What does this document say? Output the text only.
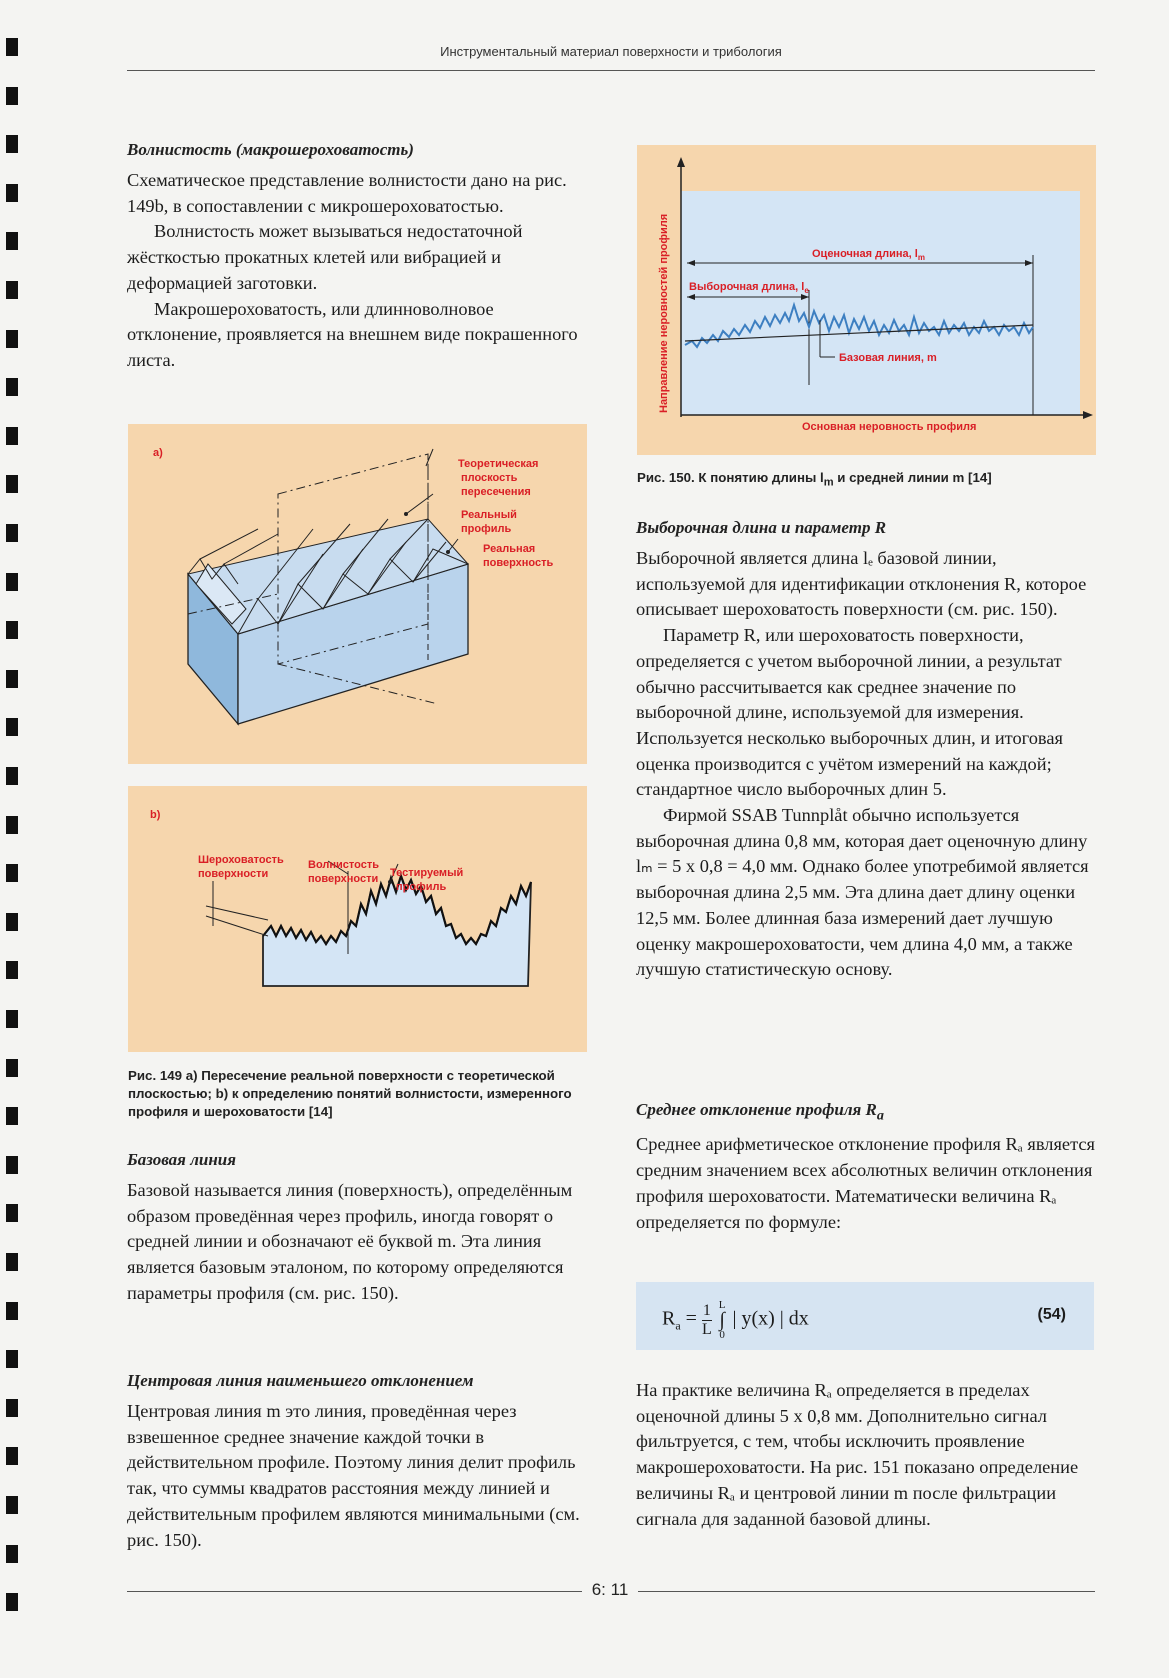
Инструментальный материал поверхности и трибология
Волнистость (макрошероховатость)

Схематическое представление волнистости дано на рис. 149b, в сопоставлении с микрошероховатостью.

Волнистость может вызываться недостаточной жёсткостью прокатных клетей или вибрацией и деформацией заготовки.

Макрошероховатость, или длинноволновое отклонение, проявляется на внешнем виде покрашенного листа.

a)
Теоретическая плоскость пересечения
Реальный профиль
Реальная поверхность
b)
Шероховатость поверхности
Волнистость поверхности	Тестируемый профиль
Рис. 149 a) Пересечение реальной поверхности с теоретической плоскостью; b) к определению понятий волнистости, измеренного профиля и шероховатости [14]
Базовая линия

Базовой называется линия (поверхность), определённым образом проведённая через профиль, иногда говорят о средней линии и обозначают её буквой m. Эта линия является базовым эталоном, по которому определяются параметры профиля (см. рис. 150).

Центровая линия наименьшего отклонением

Центровая линия m это линия, проведённая через взвешенное среднее значение каждой точки в действительном профиле. Поэтому линия делит профиль так, что суммы квадратов расстояния между линией и действительным профилем являются минимальными (см. рис. 150).

Направление неровностей профиля
Основная неровность профиля
Оценочная длина, $l_m$
Выборочная длина, $l_e$
Базовая линия, m
Рис. 150. К понятию длины $l_m$ и средней линии m [14]
Выборочная длина и параметр R

Выборочной является длина lₑ базовой линии, используемой для идентификации отклонения R, которое описывает шероховатость поверхности (см. рис. 150).

Параметр R, или шероховатость поверхности, определяется с учетом выборочной линии, а результат обычно рассчитывается как среднее значение по выборочной длине, используемой для измерения. Используется несколько выборочных длин, и итоговая оценка производится с учётом измерений на каждой; стандартное число выборочных длин 5.

Фирмой SSAB Tunnplåt обычно используется выборочная длина 0,8 мм, которая дает оценочную длину lₘ = 5 x 0,8 = 4,0 мм. Однако более употребимой является выборочная длина 2,5 мм. Эта длина дает длину оценки 12,5 мм. Более длинная база измерений дает лучшую оценку макрошероховатости, чем длина 4,0 мм, а также лучшую статистическую основу.

Среднее отклонение профиля $R_a$

Среднее арифметическое отклонение профиля Rₐ является средним значением всех абсолютных величин отклонения профиля шероховатости. Математически величина Rₐ определяется по формуле:

$R_a = \frac{1}{L}$
L
∫
0
| y(x) | dx	(54)

На практике величина Rₐ определяется в пределах оценочной длины 5 x 0,8 мм. Дополнительно сигнал фильтруется, с тем, чтобы исключить проявление макрошероховатости. На рис. 151 показано определение величины Rₐ и центровой линии m после фильтрации сигнала для заданной базовой длины.

6: 11
